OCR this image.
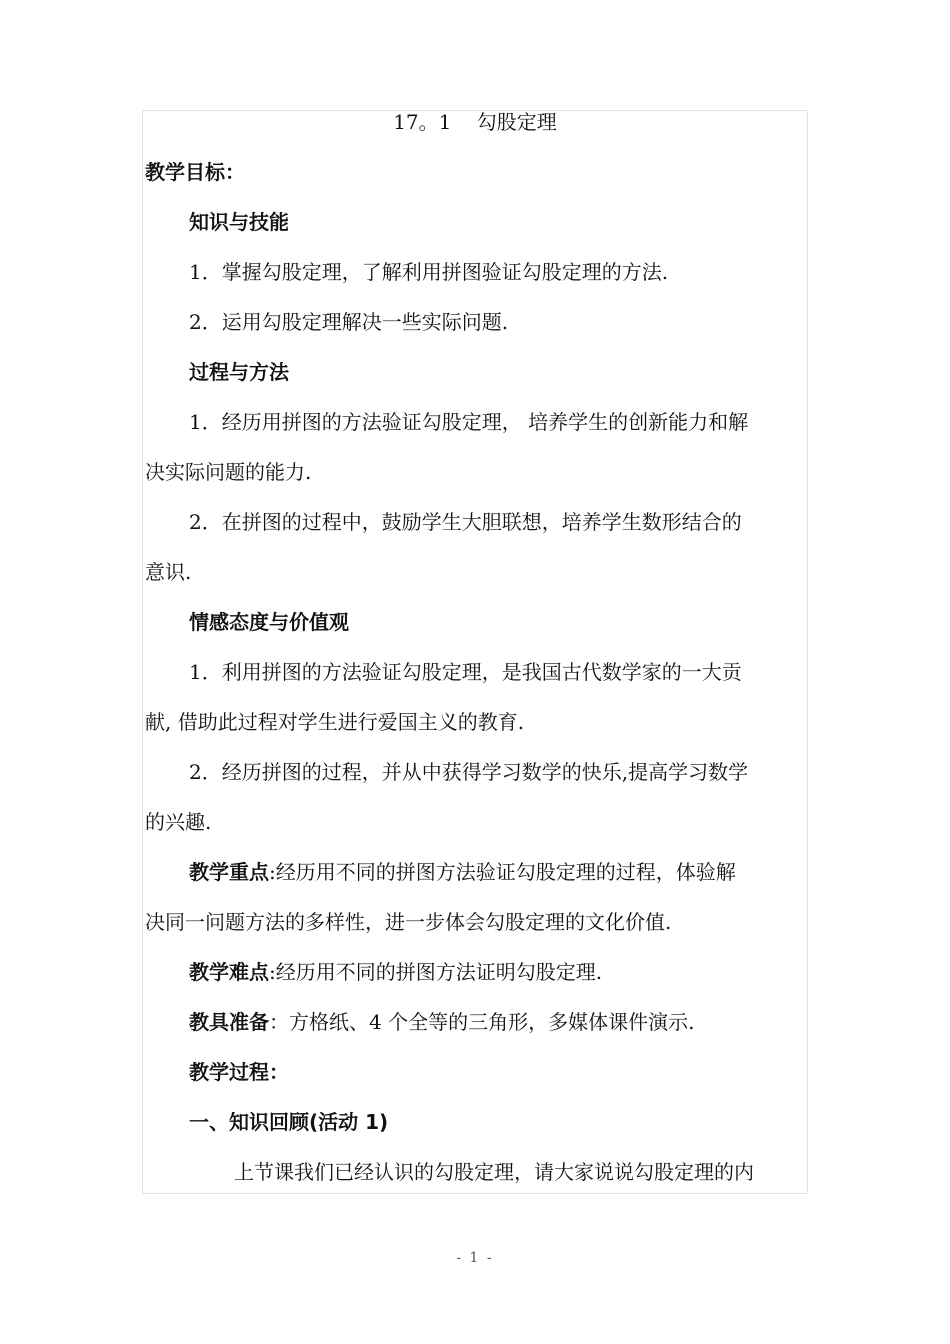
17。1    勾股定理
教学目标：
知识与技能
1．掌握勾股定理，了解利用拼图验证勾股定理的方法.
2．运用勾股定理解决一些实际问题.
过程与方法
1．经历用拼图的方法验证勾股定理， 培养学生的创新能力和解
决实际问题的能力.
2．在拼图的过程中，鼓励学生大胆联想，培养学生数形结合的
意识.
情感态度与价值观
1．利用拼图的方法验证勾股定理，是我国古代数学家的一大贡
献, 借助此过程对学生进行爱国主义的教育.
2．经历拼图的过程，并从中获得学习数学的快乐,提高学习数学
的兴趣.
教学重点:经历用不同的拼图方法验证勾股定理的过程，体验解
决同一问题方法的多样性，进一步体会勾股定理的文化价值.
教学难点:经历用不同的拼图方法证明勾股定理.
教具准备：方格纸、4 个全等的三角形，多媒体课件演示.
教学过程：
一、知识回顾(活动 1)
上节课我们已经认识的勾股定理，请大家说说勾股定理的内
- 1 -
